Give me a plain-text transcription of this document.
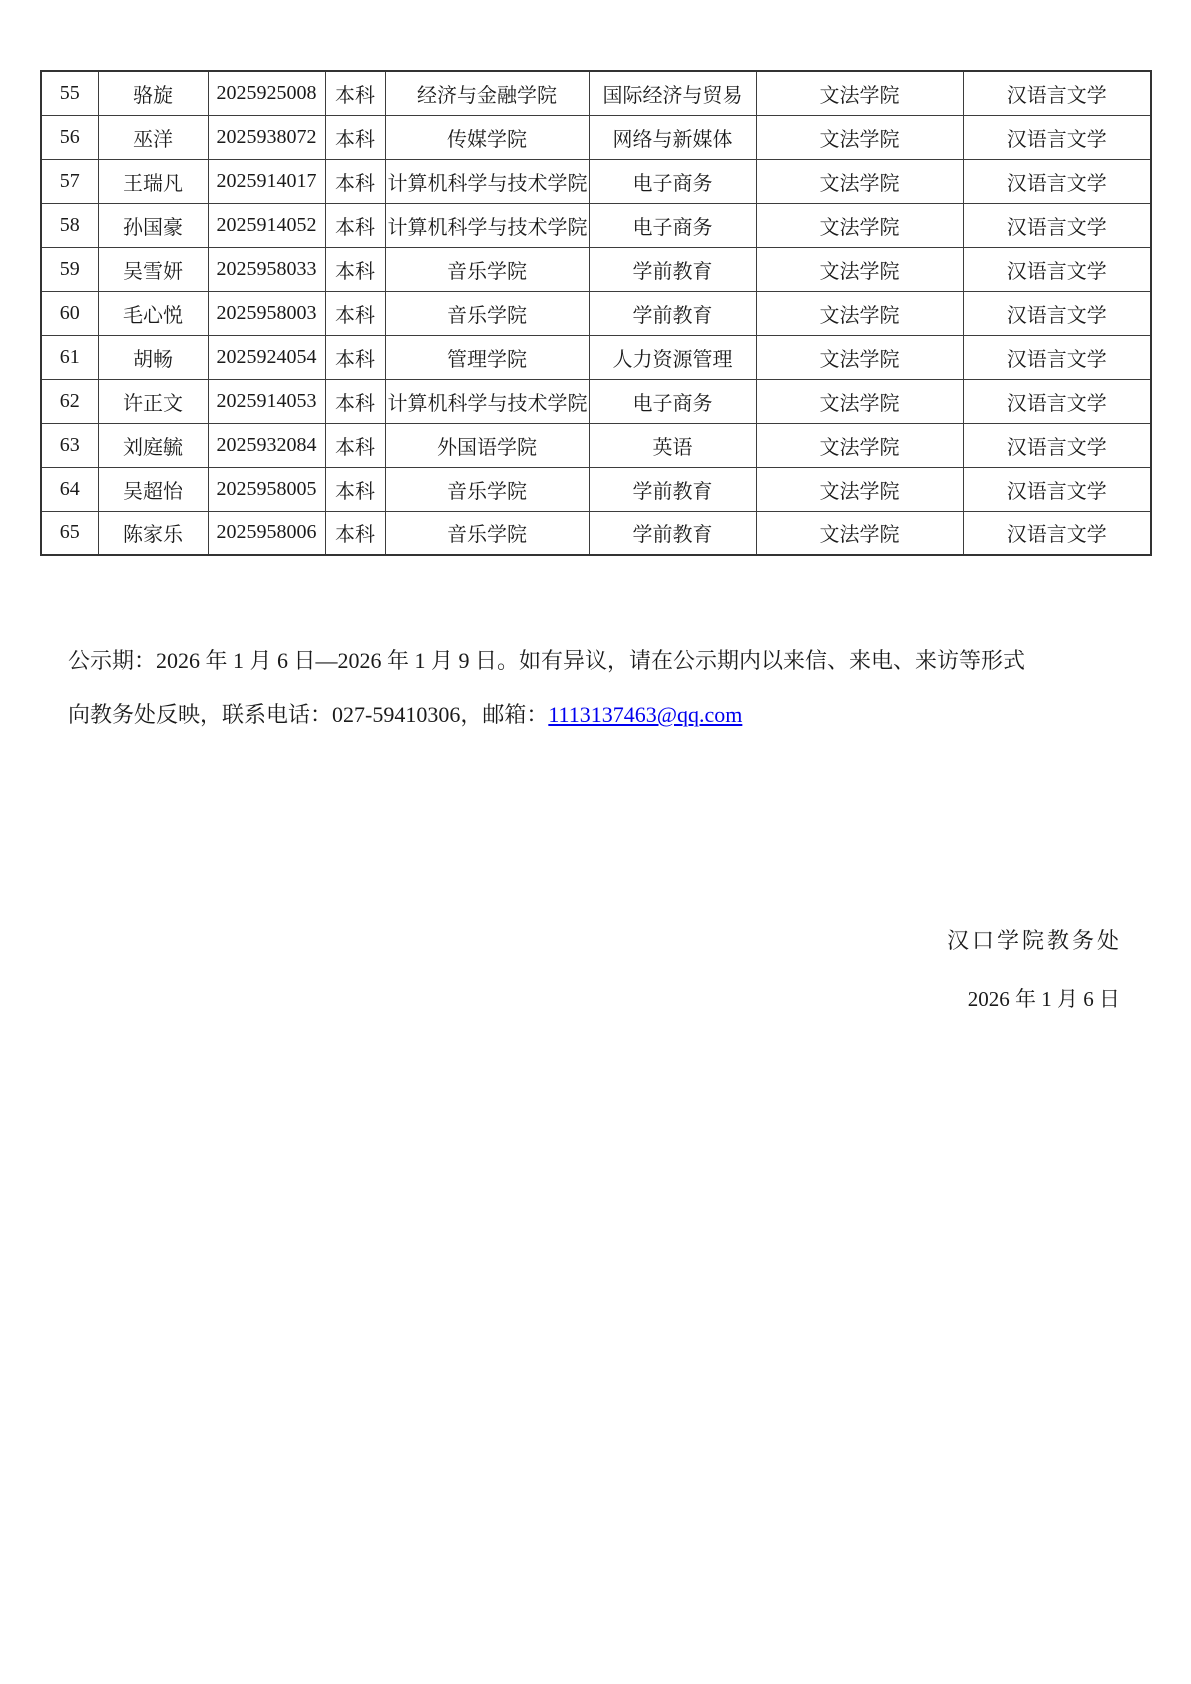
55	骆旋	2025925008	本科	经济与金融学院	国际经济与贸易	文法学院	汉语言文学
56	巫洋	2025938072	本科	传媒学院	网络与新媒体	文法学院	汉语言文学
57	王瑞凡	2025914017	本科	计算机科学与技术学院	电子商务	文法学院	汉语言文学
58	孙国豪	2025914052	本科	计算机科学与技术学院	电子商务	文法学院	汉语言文学
59	吴雪妍	2025958033	本科	音乐学院	学前教育	文法学院	汉语言文学
60	毛心悦	2025958003	本科	音乐学院	学前教育	文法学院	汉语言文学
61	胡畅	2025924054	本科	管理学院	人力资源管理	文法学院	汉语言文学
62	许正文	2025914053	本科	计算机科学与技术学院	电子商务	文法学院	汉语言文学
63	刘庭毓	2025932084	本科	外国语学院	英语	文法学院	汉语言文学
64	吴超怡	2025958005	本科	音乐学院	学前教育	文法学院	汉语言文学
65	陈家乐	2025958006	本科	音乐学院	学前教育	文法学院	汉语言文学
公示期：2026 年 1 月 6 日—2026 年 1 月 9 日。如有异议，请在公示期内以来信、来电、来访等形式
向教务处反映，联系电话：027-59410306，邮箱：1113137463@qq.com
汉口学院教务处
2026 年 1 月 6 日
